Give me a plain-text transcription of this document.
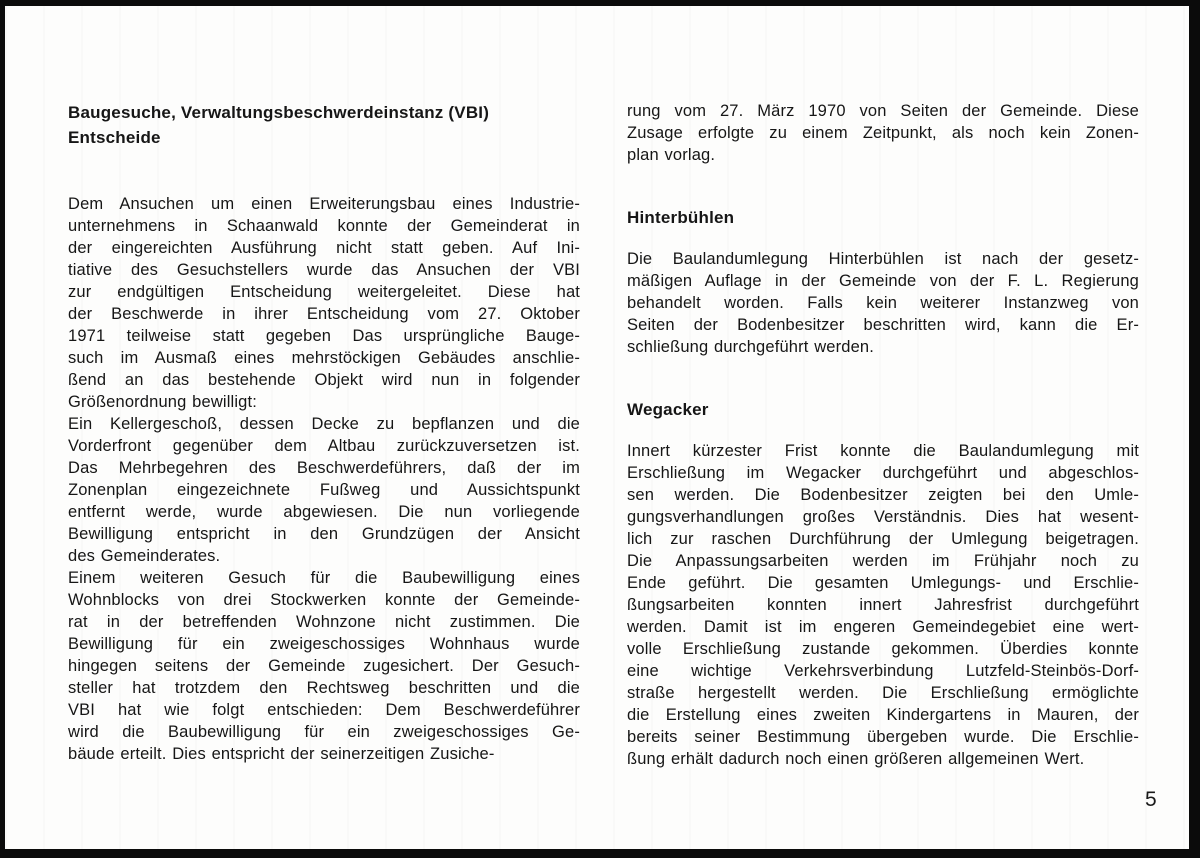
Baugesuche, Verwaltungsbeschwerdeinstanz (VBI)
Entscheide
Dem Ansuchen um einen Erweiterungsbau eines Industrie-
unternehmens in Schaanwald konnte der Gemeinderat in
der eingereichten Ausführung nicht statt geben. Auf Ini-
tiative des Gesuchstellers wurde das Ansuchen der VBI
zur endgültigen Entscheidung weitergeleitet. Diese hat
der Beschwerde in ihrer Entscheidung vom 27. Oktober
1971 teilweise statt gegeben Das ursprüngliche Bauge-
such im Ausmaß eines mehrstöckigen Gebäudes anschlie-
ßend an das bestehende Objekt wird nun in folgender
Größenordnung bewilligt:
Ein Kellergeschoß, dessen Decke zu bepflanzen und die
Vorderfront gegenüber dem Altbau zurückzuversetzen ist.
Das Mehrbegehren des Beschwerdeführers, daß der im
Zonenplan eingezeichnete Fußweg und Aussichtspunkt
entfernt werde, wurde abgewiesen. Die nun vorliegende
Bewilligung entspricht in den Grundzügen der Ansicht
des Gemeinderates.
Einem weiteren Gesuch für die Baubewilligung eines
Wohnblocks von drei Stockwerken konnte der Gemeinde-
rat in der betreffenden Wohnzone nicht zustimmen. Die
Bewilligung für ein zweigeschossiges Wohnhaus wurde
hingegen seitens der Gemeinde zugesichert. Der Gesuch-
steller hat trotzdem den Rechtsweg beschritten und die
VBI hat wie folgt entschieden: Dem Beschwerdeführer
wird die Baubewilligung für ein zweigeschossiges Ge-
bäude erteilt. Dies entspricht der seinerzeitigen Zusiche-
rung vom 27. März 1970 von Seiten der Gemeinde. Diese
Zusage erfolgte zu einem Zeitpunkt, als noch kein Zonen-
plan vorlag.
Hinterbühlen
Die Baulandumlegung Hinterbühlen ist nach der gesetz-
mäßigen Auflage in der Gemeinde von der F. L. Regierung
behandelt worden. Falls kein weiterer Instanzweg von
Seiten der Bodenbesitzer beschritten wird, kann die Er-
schließung durchgeführt werden.
Wegacker
Innert kürzester Frist konnte die Baulandumlegung mit
Erschließung im Wegacker durchgeführt und abgeschlos-
sen werden. Die Bodenbesitzer zeigten bei den Umle-
gungsverhandlungen großes Verständnis. Dies hat wesent-
lich zur raschen Durchführung der Umlegung beigetragen.
Die Anpassungsarbeiten werden im Frühjahr noch zu
Ende geführt. Die gesamten Umlegungs- und Erschlie-
ßungsarbeiten konnten innert Jahresfrist durchgeführt
werden. Damit ist im engeren Gemeindegebiet eine wert-
volle Erschließung zustande gekommen. Überdies konnte
eine wichtige Verkehrsverbindung Lutzfeld-Steinbös-Dorf-
straße hergestellt werden. Die Erschließung ermöglichte
die Erstellung eines zweiten Kindergartens in Mauren, der
bereits seiner Bestimmung übergeben wurde. Die Erschlie-
ßung erhält dadurch noch einen größeren allgemeinen Wert.
5
